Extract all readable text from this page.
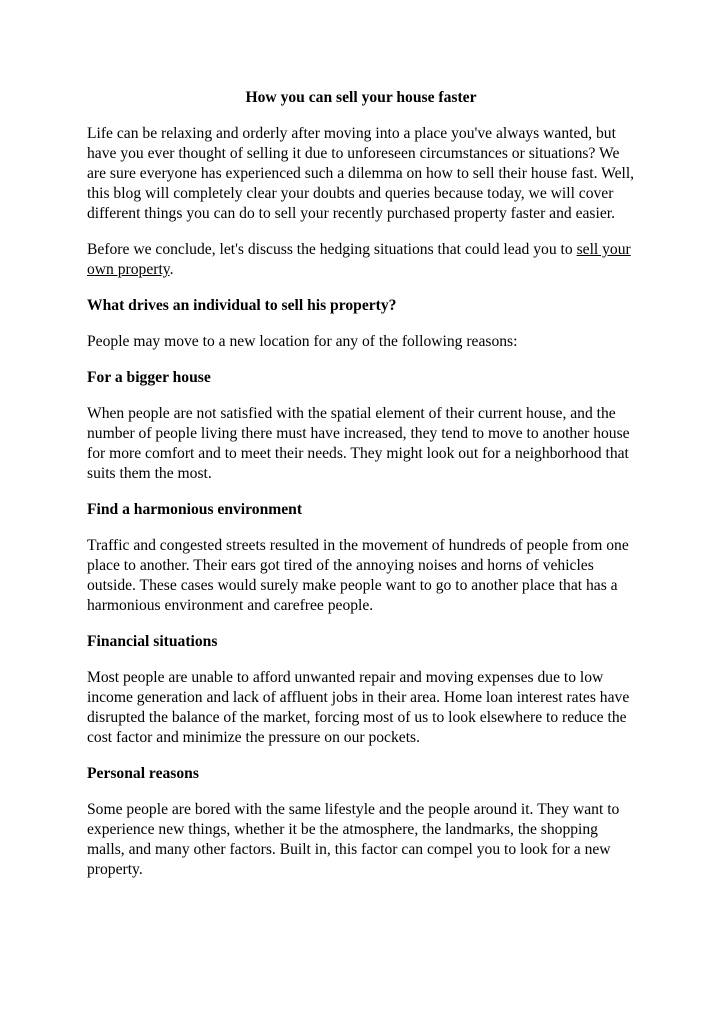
How you can sell your house faster

Life can be relaxing and orderly after moving into a place you've always wanted, but have you ever thought of selling it due to unforeseen circumstances or situations? We are sure everyone has experienced such a dilemma on how to sell their house fast. Well, this blog will completely clear your doubts and queries because today, we will cover different things you can do to sell your recently purchased property faster and easier.

Before we conclude, let's discuss the hedging situations that could lead you to sell your own property.

What drives an individual to sell his property?

People may move to a new location for any of the following reasons:

For a bigger house

When people are not satisfied with the spatial element of their current house, and the number of people living there must have increased, they tend to move to another house for more comfort and to meet their needs. They might look out for a neighborhood that suits them the most.

Find a harmonious environment

Traffic and congested streets resulted in the movement of hundreds of people from one place to another. Their ears got tired of the annoying noises and horns of vehicles outside. These cases would surely make people want to go to another place that has a harmonious environment and carefree people.

Financial situations

Most people are unable to afford unwanted repair and moving expenses due to low income generation and lack of affluent jobs in their area. Home loan interest rates have disrupted the balance of the market, forcing most of us to look elsewhere to reduce the cost factor and minimize the pressure on our pockets.

Personal reasons

Some people are bored with the same lifestyle and the people around it. They want to experience new things, whether it be the atmosphere, the landmarks, the shopping malls, and many other factors. Built in, this factor can compel you to look for a new property.
